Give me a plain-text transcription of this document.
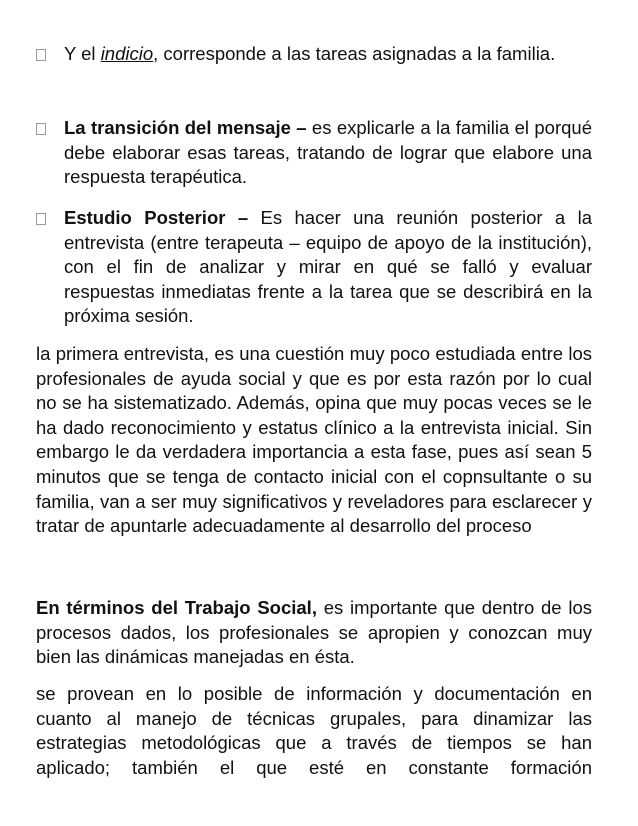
Y el indicio, corresponde a las tareas asignadas a la familia.
La transición del mensaje – es explicarle a la familia el porqué debe elaborar esas tareas, tratando de lograr que elabore una respuesta terapéutica.
Estudio Posterior – Es hacer una reunión posterior a la entrevista (entre terapeuta – equipo de apoyo de la institución), con el fin de analizar y mirar en qué se falló y evaluar respuestas inmediatas frente a la tarea que se describirá en la próxima sesión.
la primera entrevista, es una cuestión muy poco estudiada entre los profesionales de ayuda social y que es por esta razón por lo cual no se ha sistematizado. Además, opina que muy pocas veces se le ha dado reconocimiento y estatus clínico a la entrevista inicial. Sin embargo le da verdadera importancia a esta fase, pues así sean 5 minutos que se tenga de contacto inicial con el copnsultante o su familia, van a ser muy significativos y reveladores para esclarecer y tratar de apuntarle adecuadamente al desarrollo del proceso
En términos del Trabajo Social, es importante que dentro de los procesos dados, los profesionales se apropien y conozcan muy bien las dinámicas manejadas en ésta.
se provean en lo posible de información y documentación en cuanto al manejo de técnicas grupales, para dinamizar las estrategias metodológicas que a través de tiempos se han aplicado; también el que esté en constante formación
